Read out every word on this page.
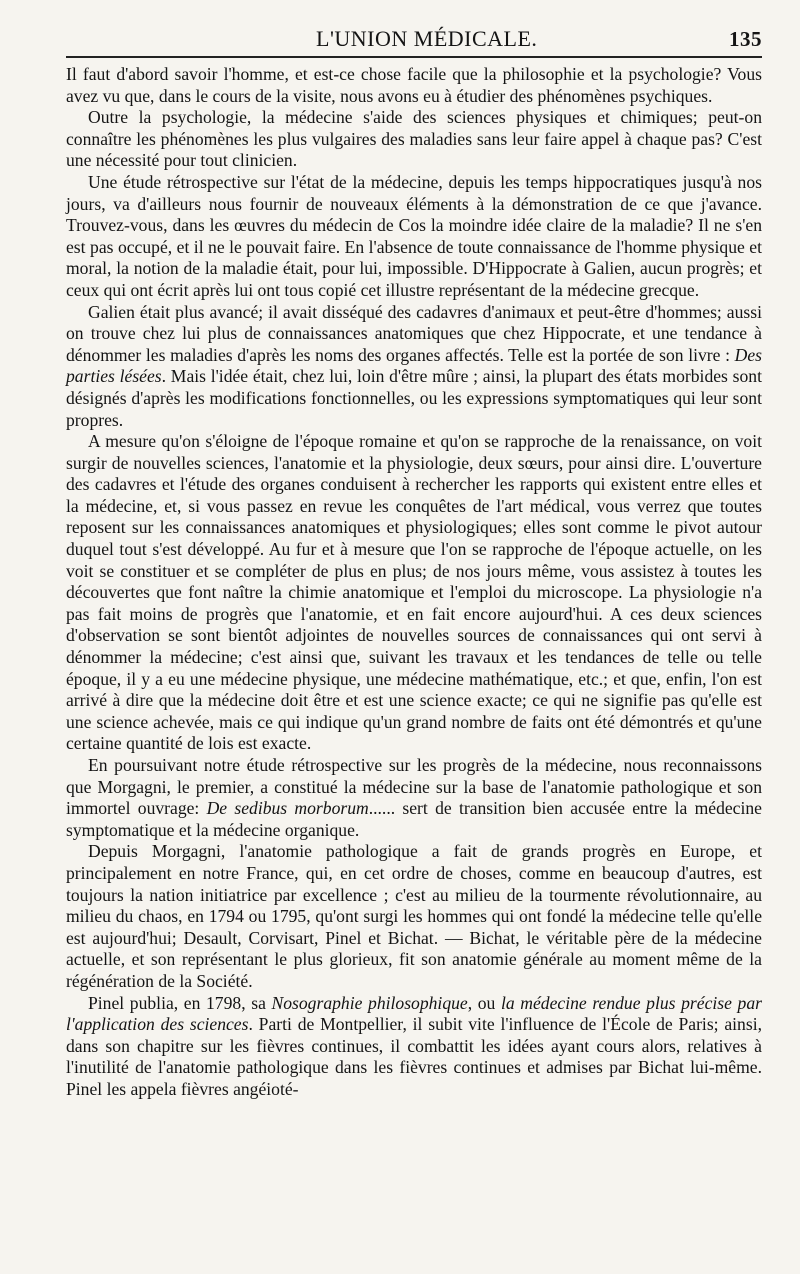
L'UNION MÉDICALE.	135

Il faut d'abord savoir l'homme, et est-ce chose facile que la philosophie et la psychologie? Vous avez vu que, dans le cours de la visite, nous avons eu à étudier des phénomènes psychiques.

Outre la psychologie, la médecine s'aide des sciences physiques et chimiques; peut-on connaître les phénomènes les plus vulgaires des maladies sans leur faire appel à chaque pas? C'est une nécessité pour tout clinicien.

Une étude rétrospective sur l'état de la médecine, depuis les temps hippocratiques jusqu'à nos jours, va d'ailleurs nous fournir de nouveaux éléments à la démonstration de ce que j'avance. Trouvez-vous, dans les œuvres du médecin de Cos la moindre idée claire de la maladie? Il ne s'en est pas occupé, et il ne le pouvait faire. En l'absence de toute connaissance de l'homme physique et moral, la notion de la maladie était, pour lui, impossible. D'Hippocrate à Galien, aucun progrès; et ceux qui ont écrit après lui ont tous copié cet illustre représentant de la médecine grecque.

Galien était plus avancé; il avait disséqué des cadavres d'animaux et peut-être d'hommes; aussi on trouve chez lui plus de connaissances anatomiques que chez Hippocrate, et une tendance à dénommer les maladies d'après les noms des organes affectés. Telle est la portée de son livre : Des parties lésées. Mais l'idée était, chez lui, loin d'être mûre ; ainsi, la plupart des états morbides sont désignés d'après les modifications fonctionnelles, ou les expressions symptomatiques qui leur sont propres.

A mesure qu'on s'éloigne de l'époque romaine et qu'on se rapproche de la renaissance, on voit surgir de nouvelles sciences, l'anatomie et la physiologie, deux sœurs, pour ainsi dire. L'ouverture des cadavres et l'étude des organes conduisent à rechercher les rapports qui existent entre elles et la médecine, et, si vous passez en revue les conquêtes de l'art médical, vous verrez que toutes reposent sur les connaissances anatomiques et physiologiques; elles sont comme le pivot autour duquel tout s'est développé. Au fur et à mesure que l'on se rapproche de l'époque actuelle, on les voit se constituer et se compléter de plus en plus; de nos jours même, vous assistez à toutes les découvertes que font naître la chimie anatomique et l'emploi du microscope. La physiologie n'a pas fait moins de progrès que l'anatomie, et en fait encore aujourd'hui. A ces deux sciences d'observation se sont bientôt adjointes de nouvelles sources de connaissances qui ont servi à dénommer la médecine; c'est ainsi que, suivant les travaux et les tendances de telle ou telle époque, il y a eu une médecine physique, une médecine mathématique, etc.; et que, enfin, l'on est arrivé à dire que la médecine doit être et est une science exacte; ce qui ne signifie pas qu'elle est une science achevée, mais ce qui indique qu'un grand nombre de faits ont été démontrés et qu'une certaine quantité de lois est exacte.

En poursuivant notre étude rétrospective sur les progrès de la médecine, nous reconnaissons que Morgagni, le premier, a constitué la médecine sur la base de l'anatomie pathologique et son immortel ouvrage: De sedibus morborum...... sert de transition bien accusée entre la médecine symptomatique et la médecine organique.

Depuis Morgagni, l'anatomie pathologique a fait de grands progrès en Europe, et principalement en notre France, qui, en cet ordre de choses, comme en beaucoup d'autres, est toujours la nation initiatrice par excellence ; c'est au milieu de la tourmente révolutionnaire, au milieu du chaos, en 1794 ou 1795, qu'ont surgi les hommes qui ont fondé la médecine telle qu'elle est aujourd'hui; Desault, Corvisart, Pinel et Bichat. — Bichat, le véritable père de la médecine actuelle, et son représentant le plus glorieux, fit son anatomie générale au moment même de la régénération de la Société.

Pinel publia, en 1798, sa Nosographie philosophique, ou la médecine rendue plus précise par l'application des sciences. Parti de Montpellier, il subit vite l'influence de l'École de Paris; ainsi, dans son chapitre sur les fièvres continues, il combattit les idées ayant cours alors, relatives à l'inutilité de l'anatomie pathologique dans les fièvres continues et admises par Bichat lui-même. Pinel les appela fièvres angéioté-
